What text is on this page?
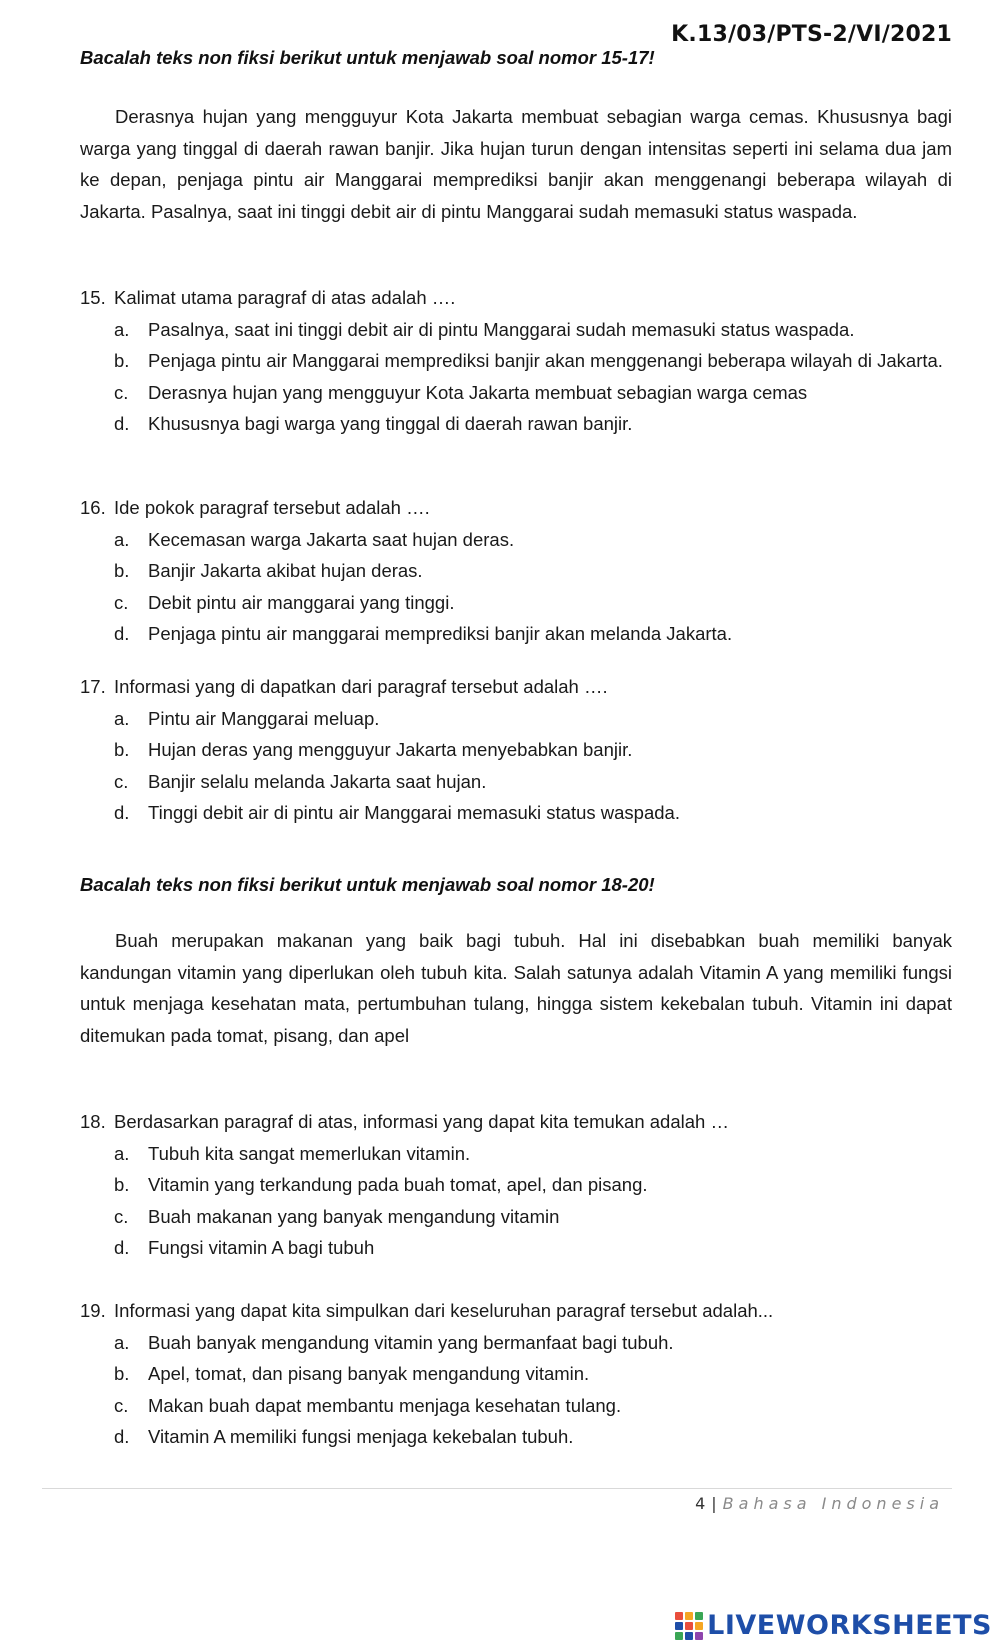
K.13/03/PTS-2/VI/2021
Bacalah teks non fiksi berikut untuk menjawab soal nomor 15-17!

Derasnya hujan yang mengguyur Kota Jakarta membuat sebagian warga cemas. Khususnya bagi warga yang tinggal di daerah rawan banjir. Jika hujan turun dengan intensitas seperti ini selama dua jam ke depan, penjaga pintu air Manggarai memprediksi banjir akan menggenangi beberapa wilayah di Jakarta. Pasalnya, saat ini tinggi debit air di pintu Manggarai sudah memasuki status waspada.

15. Kalimat utama paragraf di atas adalah ….
a.	Pasalnya, saat ini tinggi debit air di pintu Manggarai sudah memasuki status waspada.
b.	Penjaga pintu air Manggarai memprediksi banjir akan menggenangi beberapa wilayah di Jakarta.
c.	Derasnya hujan yang mengguyur Kota Jakarta membuat sebagian warga cemas
d.	Khususnya bagi warga yang tinggal di daerah rawan banjir.
16. Ide pokok paragraf tersebut adalah ….
a.	Kecemasan warga Jakarta saat hujan deras.
b.	Banjir Jakarta akibat hujan deras.
c.	Debit pintu air manggarai yang tinggi.
d.	Penjaga pintu air manggarai memprediksi banjir akan melanda Jakarta.
17. Informasi yang di dapatkan dari paragraf tersebut adalah ….
a.	Pintu air Manggarai meluap.
b.	Hujan deras yang mengguyur Jakarta menyebabkan banjir.
c.	Banjir selalu melanda Jakarta saat hujan.
d.	Tinggi debit air di pintu air Manggarai memasuki status waspada.
Bacalah teks non fiksi berikut untuk menjawab soal nomor 18-20!

Buah merupakan makanan yang baik bagi tubuh. Hal ini disebabkan buah memiliki banyak kandungan vitamin yang diperlukan oleh tubuh kita. Salah satunya adalah Vitamin A yang memiliki fungsi untuk menjaga kesehatan mata, pertumbuhan tulang, hingga sistem kekebalan tubuh. Vitamin ini dapat ditemukan pada tomat, pisang, dan apel

18. Berdasarkan paragraf di atas, informasi yang dapat kita temukan adalah …
a.	Tubuh kita sangat memerlukan vitamin.
b.	Vitamin yang terkandung pada buah tomat, apel, dan pisang.
c.	Buah makanan yang banyak mengandung vitamin
d.	Fungsi vitamin A bagi tubuh
19. Informasi yang dapat kita simpulkan dari keseluruhan paragraf tersebut adalah...
a.	Buah banyak mengandung vitamin yang bermanfaat bagi tubuh.
b.	Apel, tomat, dan pisang banyak mengandung vitamin.
c.	Makan buah dapat membantu menjaga kesehatan tulang.
d.	Vitamin A memiliki fungsi menjaga kekebalan tubuh.
4 | Bahasa Indonesia
LIVEWORKSHEETS
